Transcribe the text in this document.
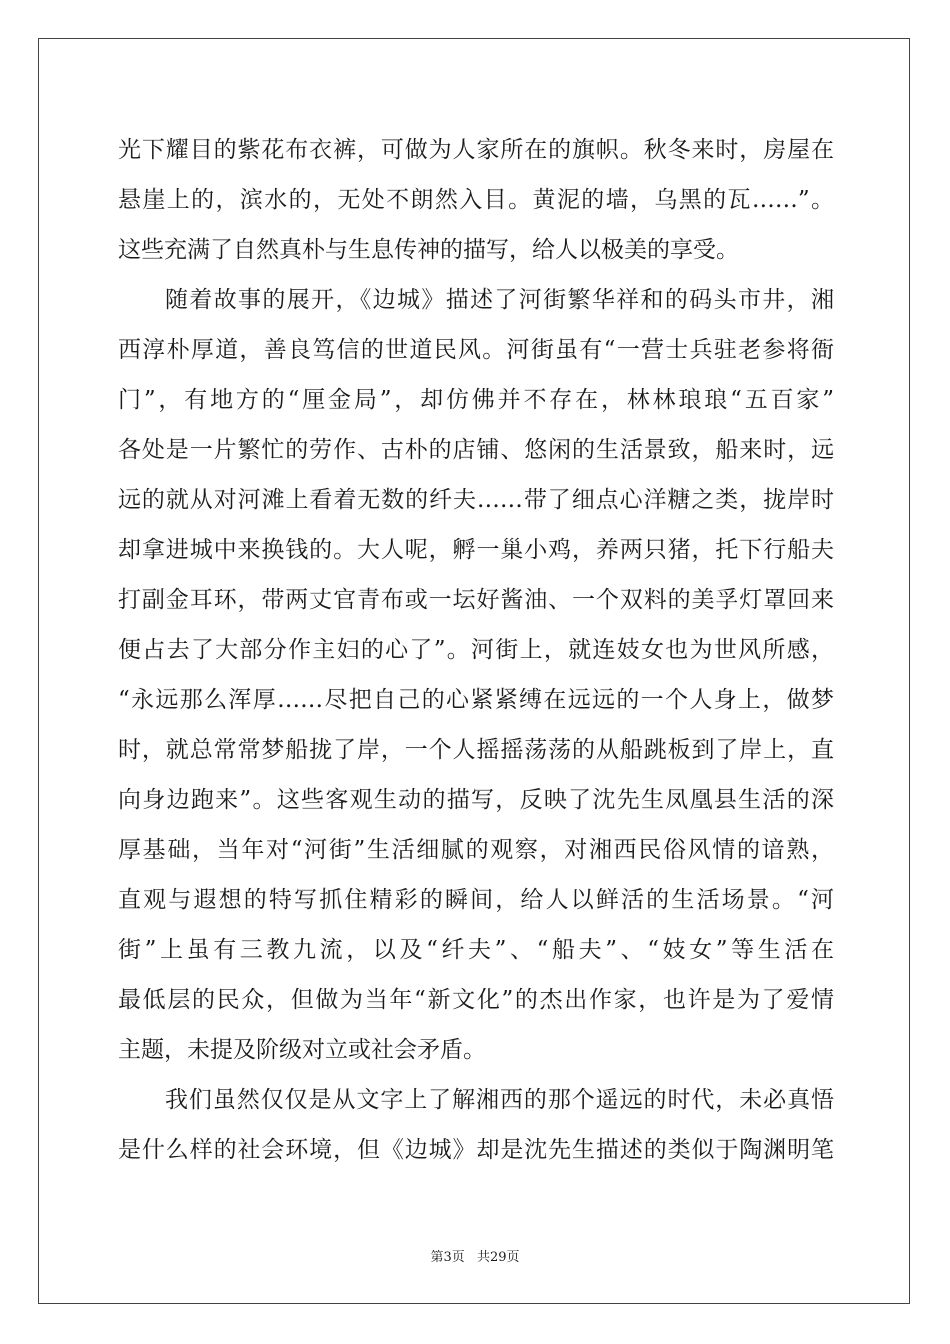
光下耀目的紫花布衣裤，可做为人家所在的旗帜。秋冬来时，房屋在
悬崖上的，滨水的，无处不朗然入目。黄泥的墙，乌黑的瓦……”。
这些充满了自然真朴与生息传神的描写，给人以极美的享受。
随着故事的展开，《边城》描述了河街繁华祥和的码头市井，湘
西淳朴厚道，善良笃信的世道民风。河街虽有“一营士兵驻老参将衙
门”，有地方的“厘金局”，却仿佛并不存在，林林琅琅“五百家”
各处是一片繁忙的劳作、古朴的店铺、悠闲的生活景致，船来时，远
远的就从对河滩上看着无数的纤夫……带了细点心洋糖之类，拢岸时
却拿进城中来换钱的。大人呢，孵一巢小鸡，养两只猪，托下行船夫
打副金耳环，带两丈官青布或一坛好酱油、一个双料的美孚灯罩回来
便占去了大部分作主妇的心了”。河街上，就连妓女也为世风所感，
“永远那么浑厚……尽把自己的心紧紧缚在远远的一个人身上，做梦
时，就总常常梦船拢了岸，一个人摇摇荡荡的从船跳板到了岸上，直
向身边跑来”。这些客观生动的描写，反映了沈先生凤凰县生活的深
厚基础，当年对“河街”生活细腻的观察，对湘西民俗风情的谙熟，
直观与遐想的特写抓住精彩的瞬间，给人以鲜活的生活场景。“河
街”上虽有三教九流，以及“纤夫”、“船夫”、“妓女”等生活在
最低层的民众，但做为当年“新文化”的杰出作家，也许是为了爱情
主题，未提及阶级对立或社会矛盾。
我们虽然仅仅是从文字上了解湘西的那个遥远的时代，未必真悟
是什么样的社会环境，但《边城》却是沈先生描述的类似于陶渊明笔
第3页 共29页
